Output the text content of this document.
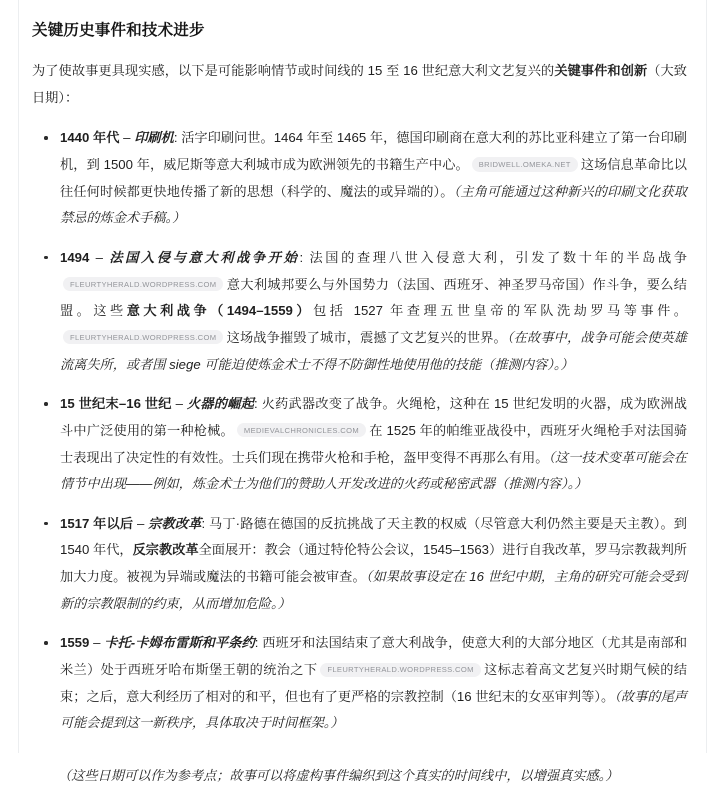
关键历史事件和技术进步

为了使故事更具现实感，以下是可能影响情节或时间线的 15 至 16 世纪意大利文艺复兴的关键事件和创新（大致日期）：

1440 年代 – 印刷机: 活字印刷问世。1464 年至 1465 年，德国印刷商在意大利的苏比亚科建立了第一台印刷机，到 1500 年，威尼斯等意大利城市成为欧洲领先的书籍生产中心。 BRIDWELL.OMEKA.NET 这场信息革命比以往任何时候都更快地传播了新的思想（科学的、魔法的或异端的）。（主角可能通过这种新兴的印刷文化获取禁忌的炼金术手稿。）
1494 – 法国入侵与意大利战争开始: 法国的查理八世入侵意大利，引发了数十年的半岛战争FLEURTYHERALD.WORDPRESS.COM 意大利城邦要么与外国势力（法国、西班牙、神圣罗马帝国）作斗争，要么结盟。这些意大利战争（1494–1559）包括 1527 年查理五世皇帝的军队洗劫罗马等事件。FLEURTYHERALD.WORDPRESS.COM 这场战争摧毁了城市，震撼了文艺复兴的世界。（在故事中，战争可能会使英雄流离失所，或者围 siege 可能迫使炼金术士不得不防御性地使用他的技能（推测内容）。）
15 世纪末–16 世纪 – 火器的崛起: 火药武器改变了战争。火绳枪，这种在 15 世纪发明的火器，成为欧洲战斗中广泛使用的第一种枪械。 MEDIEVALCHRONICLES.COM 在 1525 年的帕维亚战役中，西班牙火绳枪手对法国骑士表现出了决定性的有效性。士兵们现在携带火枪和手枪，盔甲变得不再那么有用。（这一技术变革可能会在情节中出现——例如，炼金术士为他们的赞助人开发改进的火药或秘密武器（推测内容）。）
1517 年以后 – 宗教改革: 马丁·路德在德国的反抗挑战了天主教的权威（尽管意大利仍然主要是天主教）。到 1540 年代，反宗教改革全面展开：教会（通过特伦特公会议，1545–1563）进行自我改革，罗马宗教裁判所加大力度。被视为异端或魔法的书籍可能会被审查。（如果故事设定在 16 世纪中期，主角的研究可能会受到新的宗教限制的约束，从而增加危险。）
1559 – 卡托-卡姆布雷斯和平条约: 西班牙和法国结束了意大利战争，使意大利的大部分地区（尤其是南部和米兰）处于西班牙哈布斯堡王朝的统治之下 FLEURTYHERALD.WORDPRESS.COM 这标志着高文艺复兴时期气候的结束；之后，意大利经历了相对的和平，但也有了更严格的宗教控制（16 世纪末的女巫审判等）。（故事的尾声可能会提到这一新秩序，具体取决于时间框架。）

（这些日期可以作为参考点；故事可以将虚构事件编织到这个真实的时间线中，以增强真实感。）
